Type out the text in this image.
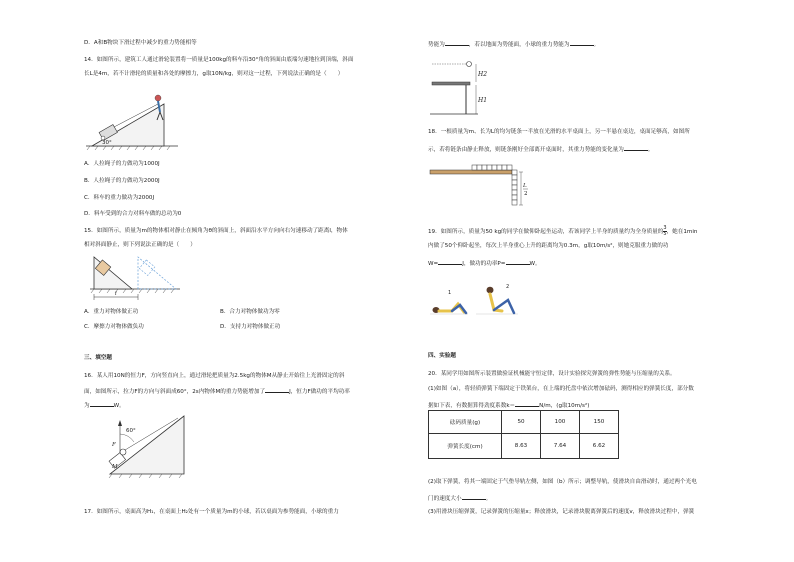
D．A和B物块下滑过程中减少的重力势能相等
14．如图所示，建筑工人通过滑轮装置将一质量是100kg的料车沿30°角的斜面由底端匀速地拉到顶端，斜面
长L是4m，若不计滑轮的质量和各处的摩擦力，g取10N/kg，则对这一过程，下列说法正确的是（　　）
30°
A．人拉绳子的力做功为1000J
B．人拉绳子的力做功为2000J
C．料车的重力做功为2000J
D．料车受到的合力对料车做的总功为0
15．如图所示，质量为m的物体相对静止在倾角为θ的斜面上，斜面沿水平方向向右匀速移动了距离l，物体
相对斜面静止，则下列说法正确的是（　　）
l
A．重力对物体做正功	B．合力对物体做功为零
C．摩擦力对物体做负功	D．支持力对物体做正功
三、填空题
16．某人用10N的恒力F，方向竖直向上，通过滑轮把质量为2.5kg的物体M从静止开始往上光滑固定的斜
面，如图所示，拉力F的方向与斜面成60°，2s内物体M的重力势能增加了	J，恒力F做功的平均功率
为	W。
60°
F
M
17．如图所示，桌面高为H₁，在桌面上H₂处有一个质量为m的小球，若以桌面为参势能面，小球的重力
势能为	，若以地面为势能面，小球的重力势能为	。
H2
H1
18．一根质量为m、长为L的均匀链条一半放在光滑的水平桌面上，另一半悬在桌边，桌面足够高，如图所
示，若将链条由静止释放，则链条刚好全部离开桌面时，其重力势能的变化量为	。
L
2
19．如图所示，质量为50 kg的同学在做仰卧起坐运动，若该同学上半身的质量约为全身质量的 $\frac{3}{5}$，她在1min
内做了50个仰卧起坐，每次上半身重心上升的距离均为0.3m，g取10m/s²，则她克服重力做的功
W=	J，做功的功率P=	W。
1
2
四、实验题
20．某同学用如图所示装置做验证机械能守恒定律，设计实验探究弹簧的弹性势能与压缩量的关系。
(1)如图（a），将轻质弹簧下端固定于铁架台，在上端的托盘中依次增加砝码，测得相应的弹簧长度，部分数
据如下表，有数据算得劲度系数k＝	N/m，(g取10m/s²)
砝码质量(g)	50	100	150
弹簧长度(cm)	8.63	7.64	6.62
(2)取下弹簧，将其一端固定于气垫导轨左侧，如图（b）所示；调整导轨，使滑块自由滑动时，通过两个光电
门的速度大小	。
(3)用滑块压缩弹簧，记录弹簧的压缩量x；释放滑块，记录滑块脱离弹簧后的速度v，释放滑块过程中，弹簧
